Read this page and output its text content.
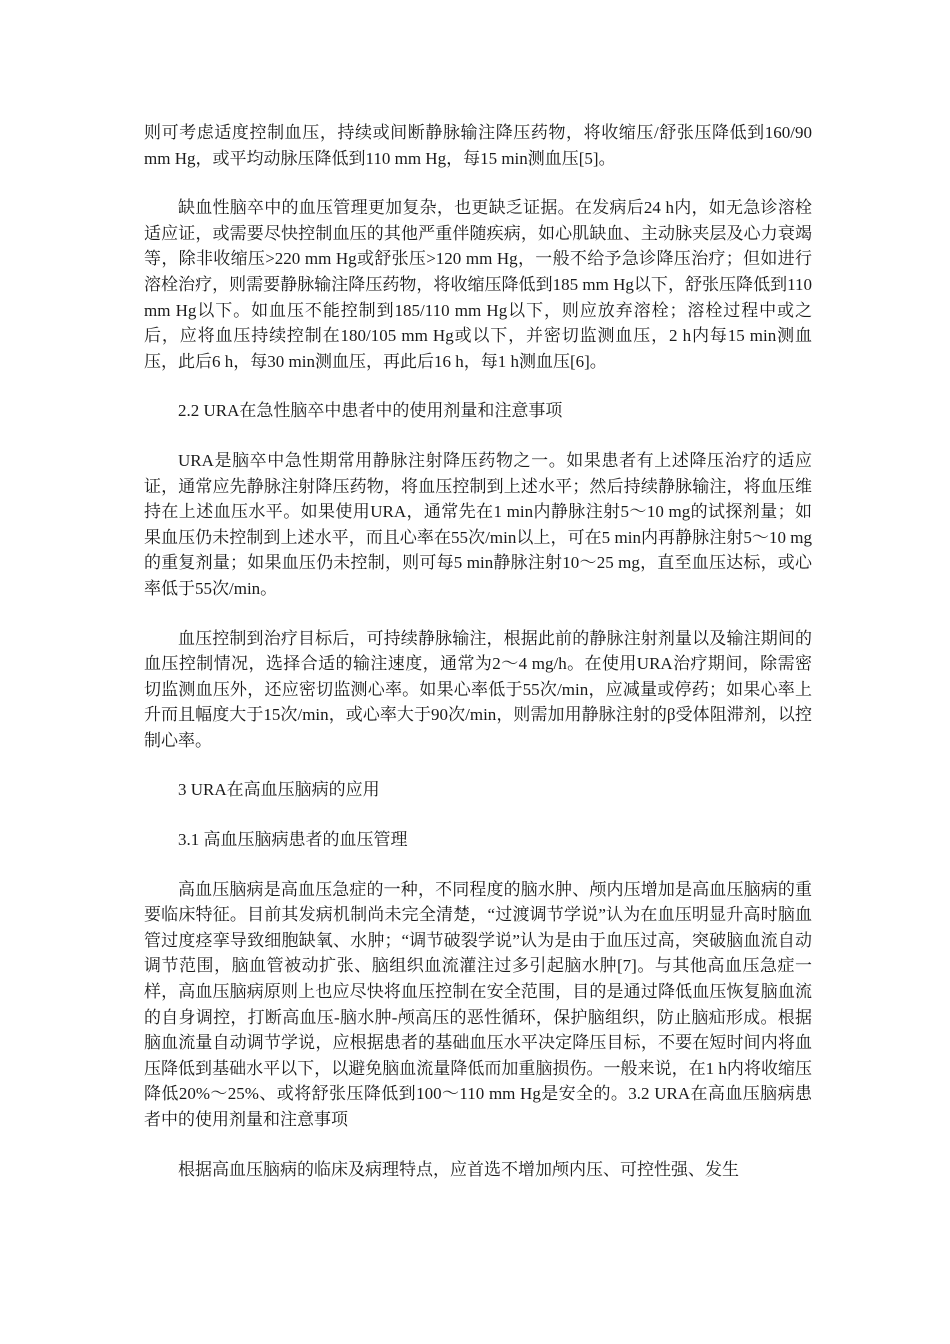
则可考虑适度控制血压，持续或间断静脉输注降压药物，将收缩压/舒张压降低到160/90 mm Hg，或平均动脉压降低到110 mm Hg，每15 min测血压[5]。

缺血性脑卒中的血压管理更加复杂，也更缺乏证据。在发病后24 h内，如无急诊溶栓适应证，或需要尽快控制血压的其他严重伴随疾病，如心肌缺血、主动脉夹层及心力衰竭等，除非收缩压>220 mm Hg或舒张压>120 mm Hg，一般不给予急诊降压治疗；但如进行溶栓治疗，则需要静脉输注降压药物，将收缩压降低到185 mm Hg以下，舒张压降低到110 mm Hg以下。如血压不能控制到185/110 mm Hg以下，则应放弃溶栓；溶栓过程中或之后，应将血压持续控制在180/105 mm Hg或以下，并密切监测血压，2 h内每15 min测血压，此后6 h，每30 min测血压，再此后16 h，每1 h测血压[6]。

2.2 URA在急性脑卒中患者中的使用剂量和注意事项

URA是脑卒中急性期常用静脉注射降压药物之一。如果患者有上述降压治疗的适应证，通常应先静脉注射降压药物，将血压控制到上述水平；然后持续静脉输注，将血压维持在上述血压水平。如果使用URA，通常先在1 min内静脉注射5～10 mg的试探剂量；如果血压仍未控制到上述水平，而且心率在55次/min以上，可在5 min内再静脉注射5～10 mg的重复剂量；如果血压仍未控制，则可每5 min静脉注射10～25 mg，直至血压达标，或心率低于55次/min。

血压控制到治疗目标后，可持续静脉输注，根据此前的静脉注射剂量以及输注期间的血压控制情况，选择合适的输注速度，通常为2～4 mg/h。在使用URA治疗期间，除需密切监测血压外，还应密切监测心率。如果心率低于55次/min，应减量或停药；如果心率上升而且幅度大于15次/min，或心率大于90次/min，则需加用静脉注射的β受体阻滞剂，以控制心率。

3 URA在高血压脑病的应用

3.1 高血压脑病患者的血压管理

高血压脑病是高血压急症的一种，不同程度的脑水肿、颅内压增加是高血压脑病的重要临床特征。目前其发病机制尚未完全清楚，“过渡调节学说”认为在血压明显升高时脑血管过度痉挛导致细胞缺氧、水肿；“调节破裂学说”认为是由于血压过高，突破脑血流自动调节范围，脑血管被动扩张、脑组织血流灌注过多引起脑水肿[7]。与其他高血压急症一样，高血压脑病原则上也应尽快将血压控制在安全范围，目的是通过降低血压恢复脑血流的自身调控，打断高血压-脑水肿-颅高压的恶性循环，保护脑组织，防止脑疝形成。根据脑血流量自动调节学说，应根据患者的基础血压水平决定降压目标，不要在短时间内将血压降低到基础水平以下，以避免脑血流量降低而加重脑损伤。一般来说，在1 h内将收缩压降低20%～25%、或将舒张压降低到100～110 mm Hg是安全的。3.2 URA在高血压脑病患者中的使用剂量和注意事项

根据高血压脑病的临床及病理特点，应首选不增加颅内压、可控性强、发生
